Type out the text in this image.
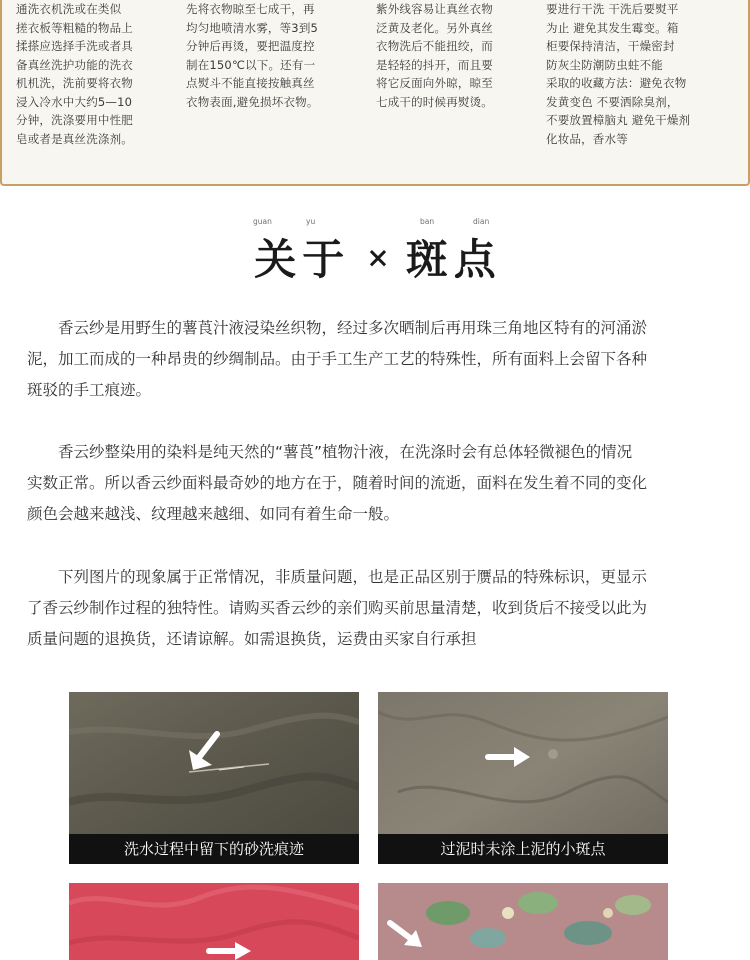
通洗衣机洗或在类似
搓衣板等粗糙的物品上
揉搽应选择手洗或者具
备真丝洗护功能的洗衣
机机洗，洗前要将衣物
浸入冷水中大约5—10
分钟，洗涤要用中性肥
皂或者是真丝洗涤剂。
先将衣物晾至七成干，再
均匀地喷清水雾，等3到5
分钟后再烫，要把温度控
制在150℃以下。还有一
点熨斗不能直接按触真丝
衣物表面,避免损坏衣物。
紫外线容易让真丝衣物
泛黄及老化。另外真丝
衣物洗后不能扭绞，而
是轻轻的抖开，而且要
将它反面向外晾，晾至
七成干的时候再熨烫。
要进行干洗 干洗后要熨平
为止 避免其发生霉变。箱
柜要保持清洁，干燥密封
防灰尘防潮防虫蛀不能
采取的收藏方法：避免衣物
发黄变色 不要洒除臭剂，
不要放置樟脑丸 避免干燥剂
化妆品，香水等
guan	yu	ban	dian
关于 × 斑点
　　香云纱是用野生的薯莨汁液浸染丝织物，经过多次晒制后再用珠三角地区特有的河涌淤
泥，加工而成的一种昂贵的纱绸制品。由于手工生产工艺的特殊性，所有面料上会留下各种
斑驳的手工痕迹。
　　香云纱整染用的染料是纯天然的“薯莨”植物汁液，在洗涤时会有总体轻微褪色的情况
实数正常。所以香云纱面料最奇妙的地方在于，随着时间的流逝，面料在发生着不同的变化
颜色会越来越浅、纹理越来越细、如同有着生命一般。
　　下列图片的现象属于正常情况，非质量问题，也是正品区别于赝品的特殊标识，更显示
了香云纱制作过程的独特性。请购买香云纱的亲们购买前思量清楚，收到货后不接受以此为
质量问题的退换货，还请谅解。如需退换货，运费由买家自行承担
洗水过程中留下的砂洗痕迹	过泥时未涂上泥的小斑点
